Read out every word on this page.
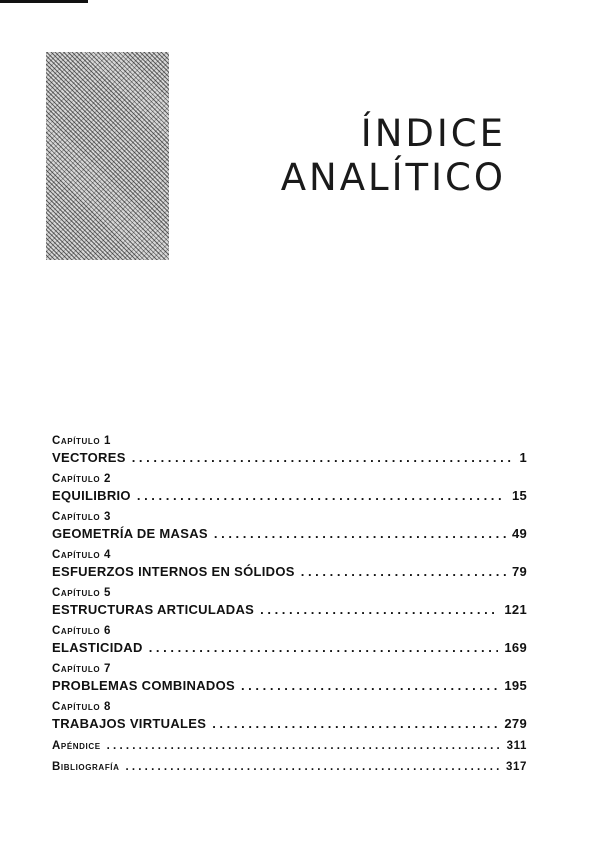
ÍNDICE
ANALÍTICO
Capítulo 1
VECTORES . . .	1
Capítulo 2
EQUILIBRIO . . .	15
Capítulo 3
GEOMETRÍA DE MASAS . . .	49
Capítulo 4
ESFUERZOS INTERNOS EN SÓLIDOS . . .	79
Capítulo 5
ESTRUCTURAS ARTICULADAS . . .	121
Capítulo 6
ELASTICIDAD . . .	169
Capítulo 7
PROBLEMAS COMBINADOS . . .	195
Capítulo 8
TRABAJOS VIRTUALES . . .	279
Apéndice . . .	311
Bibliografía . . .	317
